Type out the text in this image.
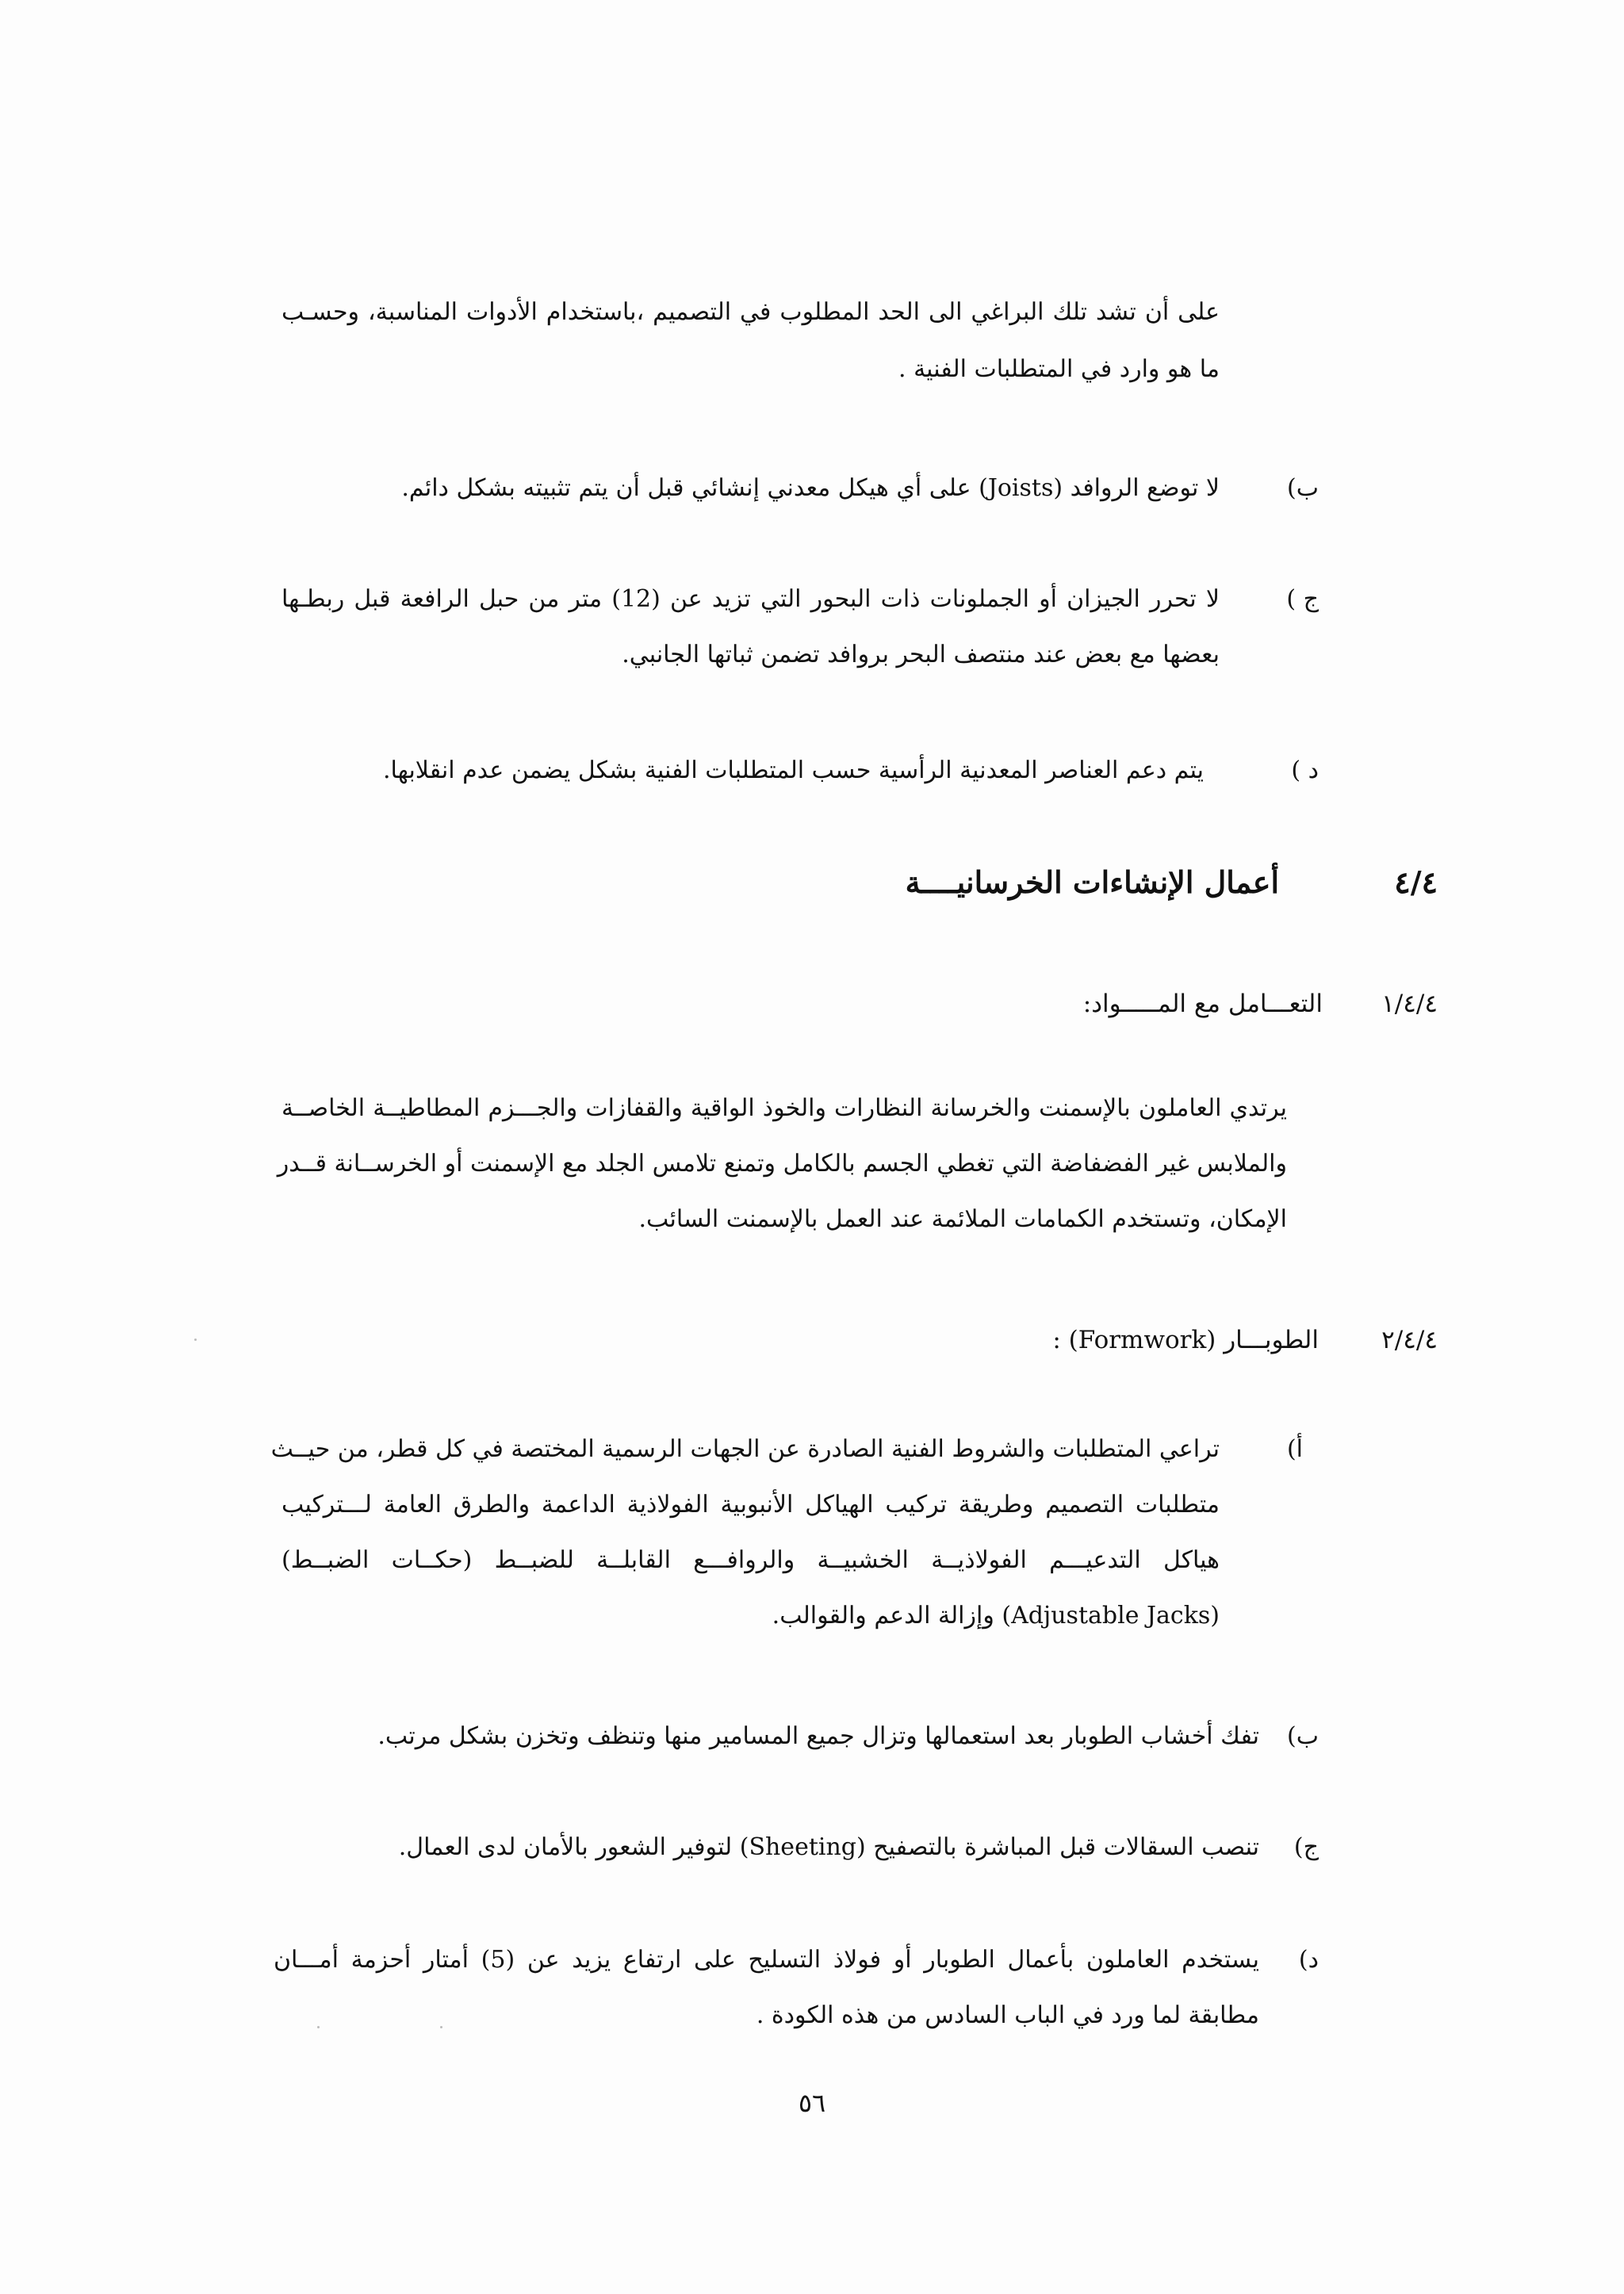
على أن تشد تلك البراغي الى الحد المطلوب في التصميم ،باستخدام الأدوات المناسبة، وحسـب
ما هو وارد في المتطلبات الفنية .
ب)
لا توضع الروافد (Joists) على أي هيكل معدني إنشائي قبل أن يتم تثبيته بشكل دائم.
ج )
لا تحرر الجيزان أو الجملونات ذات البحور التي تزيد عن (12) متر من حبل الرافعة قبل ربطـها
بعضها مع بعض عند منتصف البحر بروافد تضمن ثباتها الجانبي.
د )
يتم دعم العناصر المعدنية الرأسية حسب المتطلبات الفنية بشكل يضمن عدم انقلابها.
٤/٤
أعمال الإنشاءات الخرسانيــــة
١/٤/٤
التعـــامل مع المـــــواد:
يرتدي العاملون بالإسمنت والخرسانة النظارات والخوذ الواقية والقفازات والجـــزم المطاطيــة الخاصــة
والملابس غير الفضفاضة التي تغطي الجسم بالكامل وتمنع تلامس الجلد مع الإسمنت أو الخرســانة قــدر
الإمكان، وتستخدم الكمامات الملائمة عند العمل بالإسمنت السائب.
٢/٤/٤
الطوبـــار (Formwork) :
أ)
تراعي المتطلبات والشروط الفنية الصادرة عن الجهات الرسمية المختصة في كل قطر، من حيــث
متطلبات التصميم وطريقة تركيب الهياكل الأنبوبية الفولاذية الداعمة والطرق العامة لـــتركيب
هياكل التدعيـــم الفولاذيــة الخشبيــة والروافـــع القابلــة للضبــط (حكــات الضبــط)
(Adjustable Jacks) وإزالة الدعم والقوالب.
ب)
تفك أخشاب الطوبار بعد استعمالها وتزال جميع المسامير منها وتنظف وتخزن بشكل مرتب.
ج)
تنصب السقالات قبل المباشرة بالتصفيح (Sheeting) لتوفير الشعور بالأمان لدى العمال.
د)
يستخدم العاملون بأعمال الطوبار أو فولاذ التسليح على ارتفاع يزيد عن (5) أمتار أحزمة أمـــان
مطابقة لما ورد في الباب السادس من هذه الكودة .
٥٦
